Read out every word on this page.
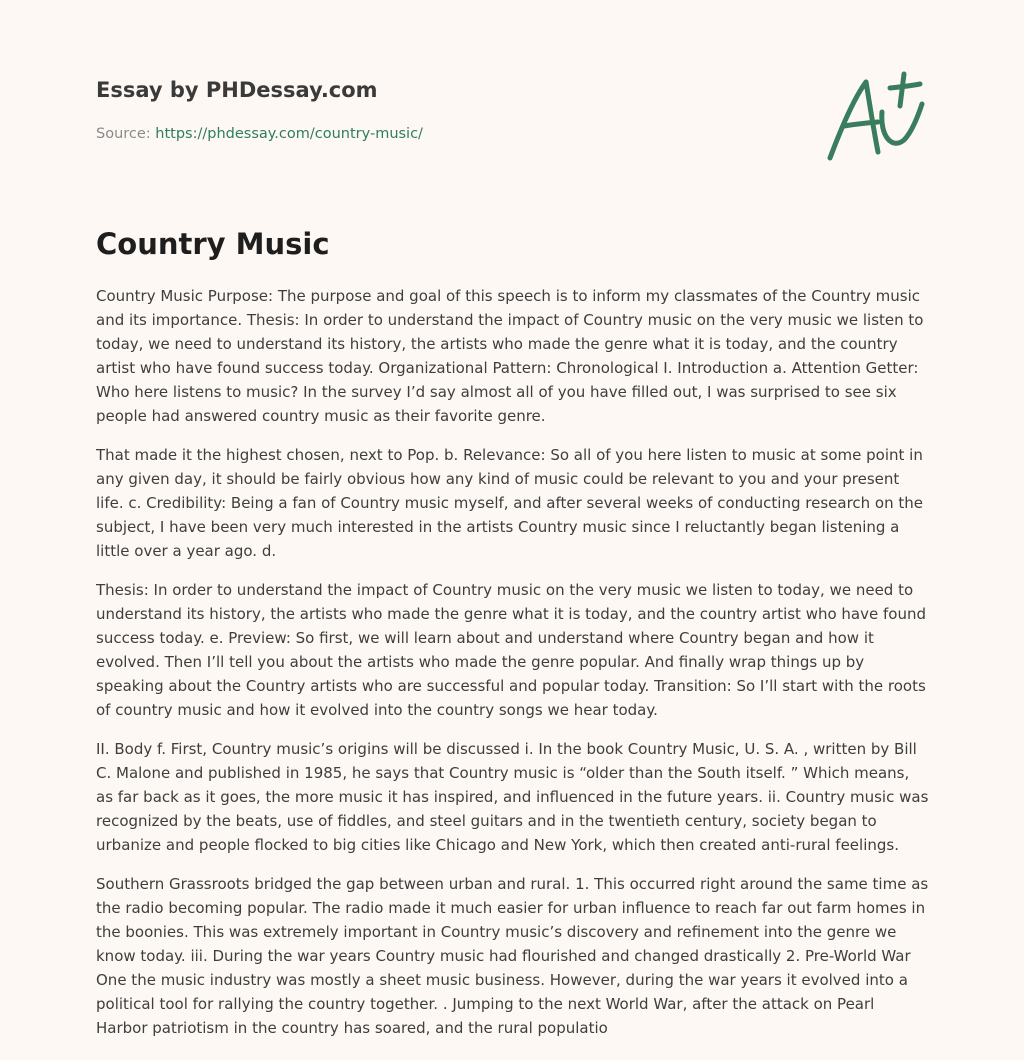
Essay by PHDessay.com
Source: https://phdessay.com/country-music/
Country Music

Country Music Purpose: The purpose and goal of this speech is to inform my classmates of the Country music and its importance. Thesis: In order to understand the impact of Country music on the very music we listen to today, we need to understand its history, the artists who made the genre what it is today, and the country artist who have found success today. Organizational Pattern: Chronological I. Introduction a. Attention Getter: Who here listens to music? In the survey I’d say almost all of you have filled out, I was surprised to see six people had answered country music as their favorite genre.

That made it the highest chosen, next to Pop. b. Relevance: So all of you here listen to music at some point in any given day, it should be fairly obvious how any kind of music could be relevant to you and your present life. c. Credibility: Being a fan of Country music myself, and after several weeks of conducting research on the subject, I have been very much interested in the artists Country music since I reluctantly began listening a little over a year ago. d.

Thesis: In order to understand the impact of Country music on the very music we listen to today, we need to understand its history, the artists who made the genre what it is today, and the country artist who have found success today. e. Preview: So first, we will learn about and understand where Country began and how it evolved. Then I’ll tell you about the artists who made the genre popular. And finally wrap things up by speaking about the Country artists who are successful and popular today. Transition: So I’ll start with the roots of country music and how it evolved into the country songs we hear today.

II. Body f. First, Country music’s origins will be discussed i. In the book Country Music, U. S. A. , written by Bill C. Malone and published in 1985, he says that Country music is “older than the South itself. ” Which means, as far back as it goes, the more music it has inspired, and influenced in the future years. ii. Country music was recognized by the beats, use of fiddles, and steel guitars and in the twentieth century, society began to urbanize and people flocked to big cities like Chicago and New York, which then created anti-rural feelings.

Southern Grassroots bridged the gap between urban and rural. 1. This occurred right around the same time as the radio becoming popular. The radio made it much easier for urban influence to reach far out farm homes in the boonies. This was extremely important in Country music’s discovery and refinement into the genre we know today. iii. During the war years Country music had flourished and changed drastically 2. Pre-World War One the music industry was mostly a sheet music business. However, during the war years it evolved into a political tool for rallying the country together. . Jumping to the next World War, after the attack on Pearl Harbor patriotism in the country has soared, and the rural populatio
